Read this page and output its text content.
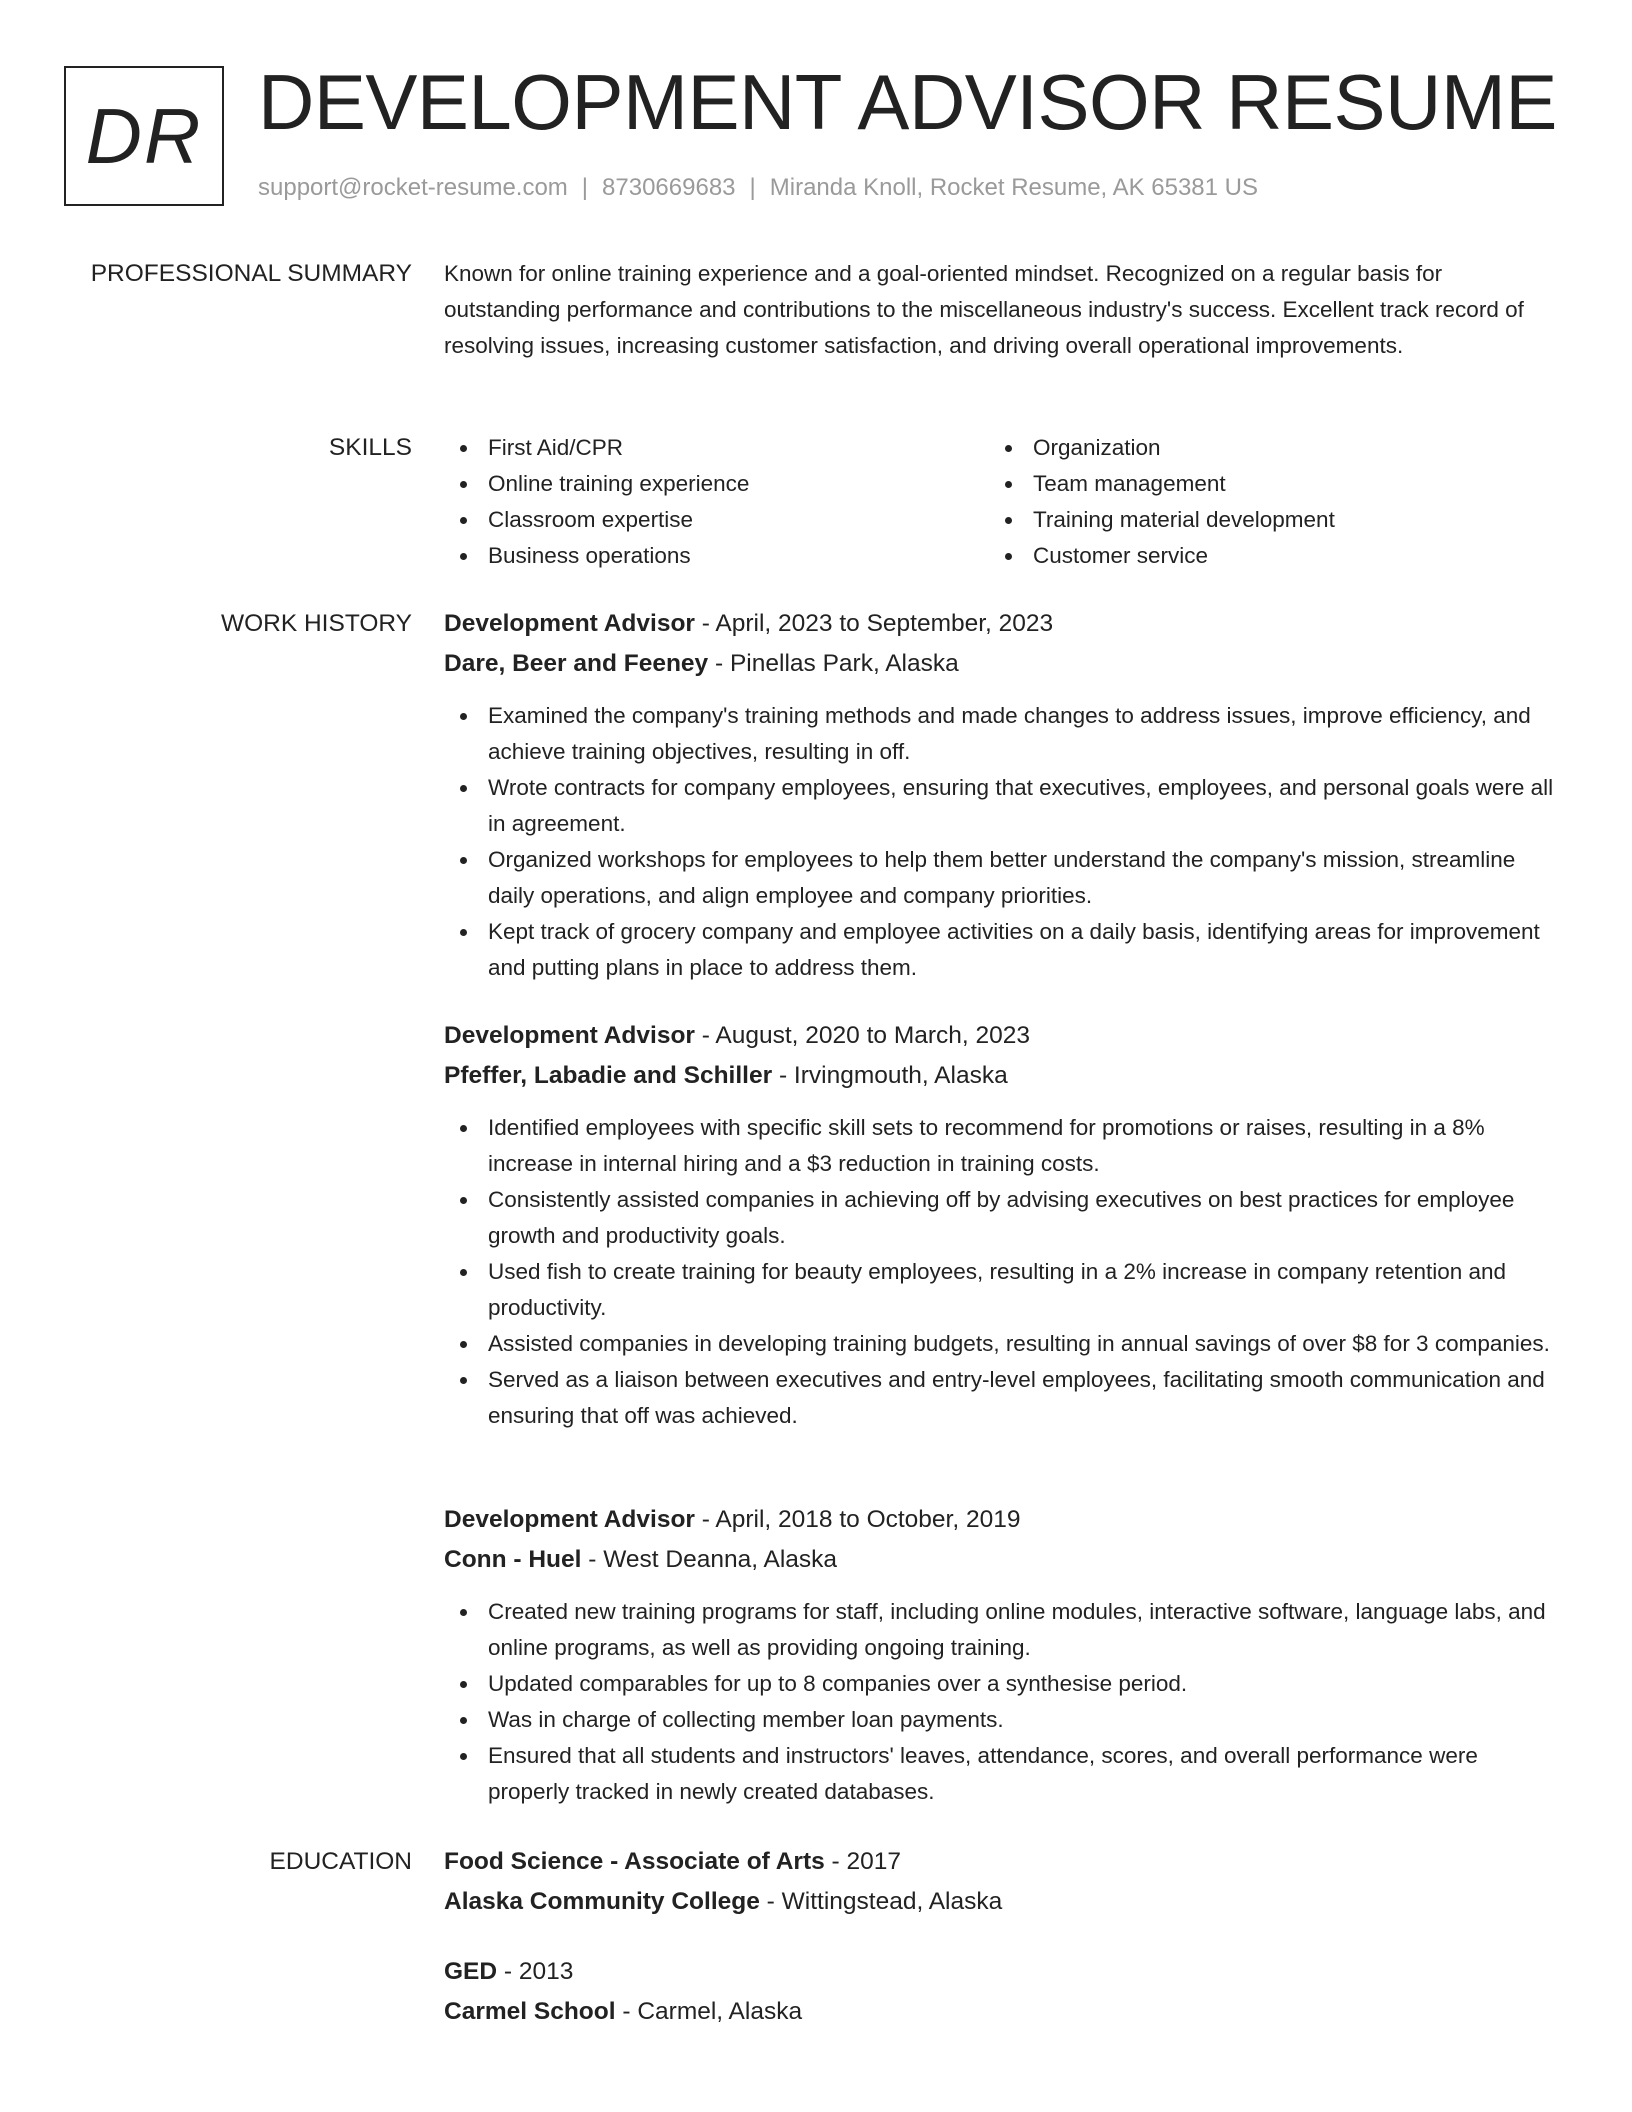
DR DEVELOPMENT ADVISOR RESUME
support@rocket-resume.com | 8730669683 | Miranda Knoll, Rocket Resume, AK 65381 US
PROFESSIONAL SUMMARY Known for online training experience and a goal-oriented mindset. Recognized on a regular basis for outstanding performance and contributions to the miscellaneous industry's success. Excellent track record of resolving issues, increasing customer satisfaction, and driving overall operational improvements.

SKILLS	First Aid/CPR
Online training experience
Classroom expertise
Business operations
Organization
Team management
Training material development
Customer service
WORK HISTORY Development Advisor - April, 2023 to September, 2023
Dare, Beer and Feeney - Pinellas Park, Alaska
Examined the company's training methods and made changes to address issues, improve efficiency, and achieve training objectives, resulting in off.
Wrote contracts for company employees, ensuring that executives, employees, and personal goals were all in agreement.
Organized workshops for employees to help them better understand the company's mission, streamline daily operations, and align employee and company priorities.
Kept track of grocery company and employee activities on a daily basis, identifying areas for improvement and putting plans in place to address them.
Development Advisor - August, 2020 to March, 2023
Pfeffer, Labadie and Schiller - Irvingmouth, Alaska
Identified employees with specific skill sets to recommend for promotions or raises, resulting in a 8% increase in internal hiring and a $3 reduction in training costs.
Consistently assisted companies in achieving off by advising executives on best practices for employee growth and productivity goals.
Used fish to create training for beauty employees, resulting in a 2% increase in company retention and productivity.
Assisted companies in developing training budgets, resulting in annual savings of over $8 for 3 companies.
Served as a liaison between executives and entry-level employees, facilitating smooth communication and ensuring that off was achieved.
Development Advisor - April, 2018 to October, 2019
Conn - Huel - West Deanna, Alaska
Created new training programs for staff, including online modules, interactive software, language labs, and online programs, as well as providing ongoing training.
Updated comparables for up to 8 companies over a synthesise period.
Was in charge of collecting member loan payments.
Ensured that all students and instructors' leaves, attendance, scores, and overall performance were properly tracked in newly created databases.
EDUCATION Food Science - Associate of Arts - 2017
Alaska Community College - Wittingstead, Alaska
GED - 2013
Carmel School - Carmel, Alaska
